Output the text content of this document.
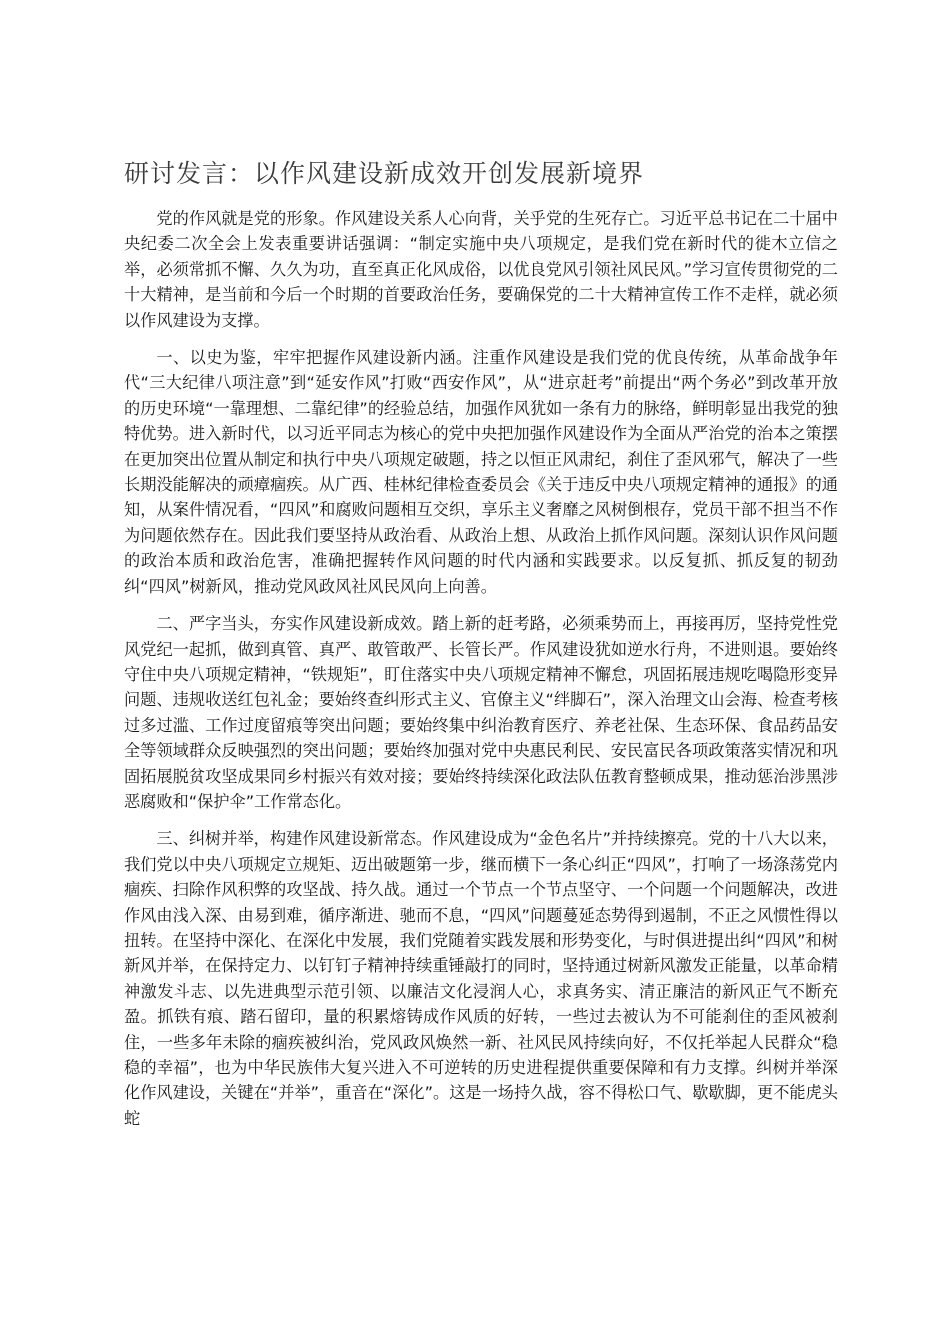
研讨发言：以作风建设新成效开创发展新境界

党的作风就是党的形象。作风建设关系人心向背，关乎党的生死存亡。习近平总书记在二十届中央纪委二次全会上发表重要讲话强调：“制定实施中央八项规定，是我们党在新时代的徙木立信之举，必须常抓不懈、久久为功，直至真正化风成俗，以优良党风引领社风民风。”学习宣传贯彻党的二十大精神，是当前和今后一个时期的首要政治任务，要确保党的二十大精神宣传工作不走样，就必须以作风建设为支撑。

一、以史为鉴，牢牢把握作风建设新内涵。注重作风建设是我们党的优良传统，从革命战争年代“三大纪律八项注意”到“延安作风”打败“西安作风”，从“进京赶考”前提出“两个务必”到改革开放的历史环境“一靠理想、二靠纪律”的经验总结，加强作风犹如一条有力的脉络，鲜明彰显出我党的独特优势。进入新时代，以习近平同志为核心的党中央把加强作风建设作为全面从严治党的治本之策摆在更加突出位置从制定和执行中央八项规定破题，持之以恒正风肃纪，刹住了歪风邪气，解决了一些长期没能解决的顽瘴痼疾。从广西、桂林纪律检查委员会《关于违反中央八项规定精神的通报》的通知，从案件情况看，“四风”和腐败问题相互交织，享乐主义奢靡之风树倒根存，党员干部不担当不作为问题依然存在。因此我们要坚持从政治看、从政治上想、从政治上抓作风问题。深刻认识作风问题的政治本质和政治危害，准确把握转作风问题的时代内涵和实践要求。以反复抓、抓反复的韧劲纠“四风”树新风，推动党风政风社风民风向上向善。

二、严字当头，夯实作风建设新成效。踏上新的赶考路，必须乘势而上，再接再厉，坚持党性党风党纪一起抓，做到真管、真严、敢管敢严、长管长严。作风建设犹如逆水行舟，不进则退。要始终守住中央八项规定精神，“铁规矩”，盯住落实中央八项规定精神不懈怠，巩固拓展违规吃喝隐形变异问题、违规收送红包礼金；要始终查纠形式主义、官僚主义“绊脚石”，深入治理文山会海、检查考核过多过滥、工作过度留痕等突出问题；要始终集中纠治教育医疗、养老社保、生态环保、食品药品安全等领域群众反映强烈的突出问题；要始终加强对党中央惠民利民、安民富民各项政策落实情况和巩固拓展脱贫攻坚成果同乡村振兴有效对接；要始终持续深化政法队伍教育整顿成果，推动惩治涉黑涉恶腐败和“保护伞”工作常态化。

三、纠树并举，构建作风建设新常态。作风建设成为“金色名片”并持续擦亮。党的十八大以来，我们党以中央八项规定立规矩、迈出破题第一步，继而横下一条心纠正“四风”，打响了一场涤荡党内痼疾、扫除作风积弊的攻坚战、持久战。通过一个节点一个节点坚守、一个问题一个问题解决，改进作风由浅入深、由易到难，循序渐进、驰而不息，“四风”问题蔓延态势得到遏制，不正之风惯性得以扭转。在坚持中深化、在深化中发展，我们党随着实践发展和形势变化，与时俱进提出纠“四风”和树新风并举，在保持定力、以钉钉子精神持续重锤敲打的同时，坚持通过树新风激发正能量，以革命精神激发斗志、以先进典型示范引领、以廉洁文化浸润人心，求真务实、清正廉洁的新风正气不断充盈。抓铁有痕、踏石留印，量的积累熔铸成作风质的好转，一些过去被认为不可能刹住的歪风被刹住，一些多年未除的痼疾被纠治，党风政风焕然一新、社风民风持续向好，不仅托举起人民群众“稳稳的幸福”，也为中华民族伟大复兴进入不可逆转的历史进程提供重要保障和有力支撑。纠树并举深化作风建设，关键在“并举”，重音在“深化”。这是一场持久战，容不得松口气、歇歇脚，更不能虎头蛇
